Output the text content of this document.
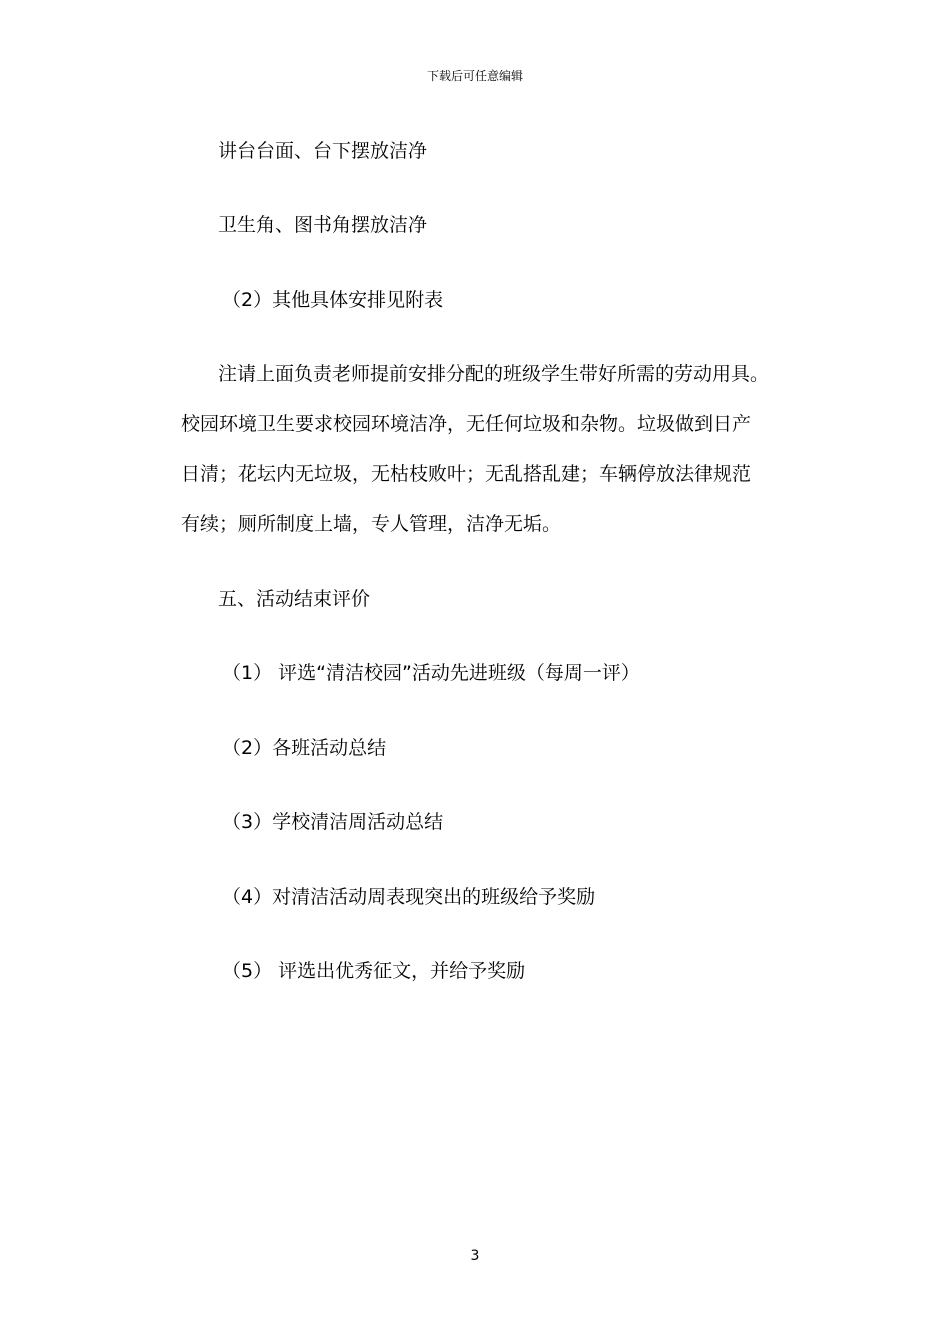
下载后可任意编辑
讲台台面、台下摆放洁净
卫生角、图书角摆放洁净
（2）其他具体安排见附表
注请上面负责老师提前安排分配的班级学生带好所需的劳动用具。
校园环境卫生要求校园环境洁净，无任何垃圾和杂物。垃圾做到日产
日清；花坛内无垃圾，无枯枝败叶；无乱搭乱建；车辆停放法律规范
有续；厕所制度上墙，专人管理，洁净无垢。
五、活动结束评价
（1） 评选“清洁校园”活动先进班级（每周一评）
（2）各班活动总结
（3）学校清洁周活动总结
（4）对清洁活动周表现突出的班级给予奖励
（5） 评选出优秀征文，并给予奖励
3
